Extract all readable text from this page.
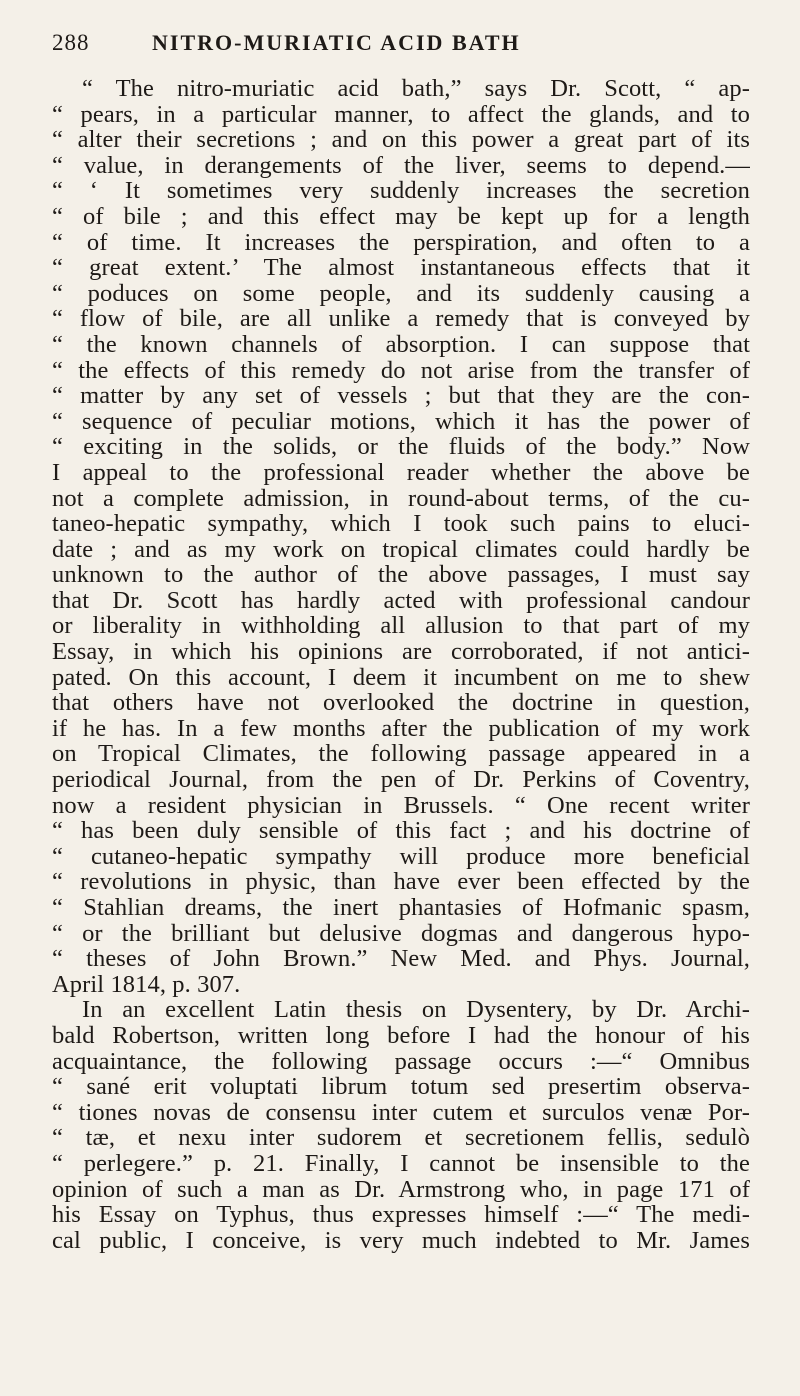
288	NITRO-MURIATIC ACID BATH
“ The nitro-muriatic acid bath,” says Dr. Scott, “ ap-
“ pears, in a particular manner, to affect the glands, and to
“ alter their secretions ; and on this power a great part of its
“ value, in derangements of the liver, seems to depend.—
“ ‘ It sometimes very suddenly increases the secretion
“ of bile ; and this effect may be kept up for a length
“ of time. It increases the perspiration, and often to a
“ great extent.’ The almost instantaneous effects that it
“ poduces on some people, and its suddenly causing a
“ flow of bile, are all unlike a remedy that is conveyed by
“ the known channels of absorption. I can suppose that
“ the effects of this remedy do not arise from the transfer of
“ matter by any set of vessels ; but that they are the con-
“ sequence of peculiar motions, which it has the power of
“ exciting in the solids, or the fluids of the body.” Now
I appeal to the professional reader whether the above be
not a complete admission, in round-about terms, of the cu-
taneo-hepatic sympathy, which I took such pains to eluci-
date ; and as my work on tropical climates could hardly be
unknown to the author of the above passages, I must say
that Dr. Scott has hardly acted with professional candour
or liberality in withholding all allusion to that part of my
Essay, in which his opinions are corroborated, if not antici-
pated. On this account, I deem it incumbent on me to shew
that others have not overlooked the doctrine in question,
if he has. In a few months after the publication of my work
on Tropical Climates, the following passage appeared in a
periodical Journal, from the pen of Dr. Perkins of Coventry,
now a resident physician in Brussels. “ One recent writer
“ has been duly sensible of this fact ; and his doctrine of
“ cutaneo-hepatic sympathy will produce more beneficial
“ revolutions in physic, than have ever been effected by the
“ Stahlian dreams, the inert phantasies of Hofmanic spasm,
“ or the brilliant but delusive dogmas and dangerous hypo-
“ theses of John Brown.” New Med. and Phys. Journal,
April 1814, p. 307.
In an excellent Latin thesis on Dysentery, by Dr. Archi-
bald Robertson, written long before I had the honour of his
acquaintance, the following passage occurs :—“ Omnibus
“ sané erit voluptati librum totum sed presertim observa-
“ tiones novas de consensu inter cutem et surculos venæ Por-
“ tæ, et nexu inter sudorem et secretionem fellis, sedulò
“ perlegere.” p. 21. Finally, I cannot be insensible to the
opinion of such a man as Dr. Armstrong who, in page 171 of
his Essay on Typhus, thus expresses himself :—“ The medi-
cal public, I conceive, is very much indebted to Mr. James
